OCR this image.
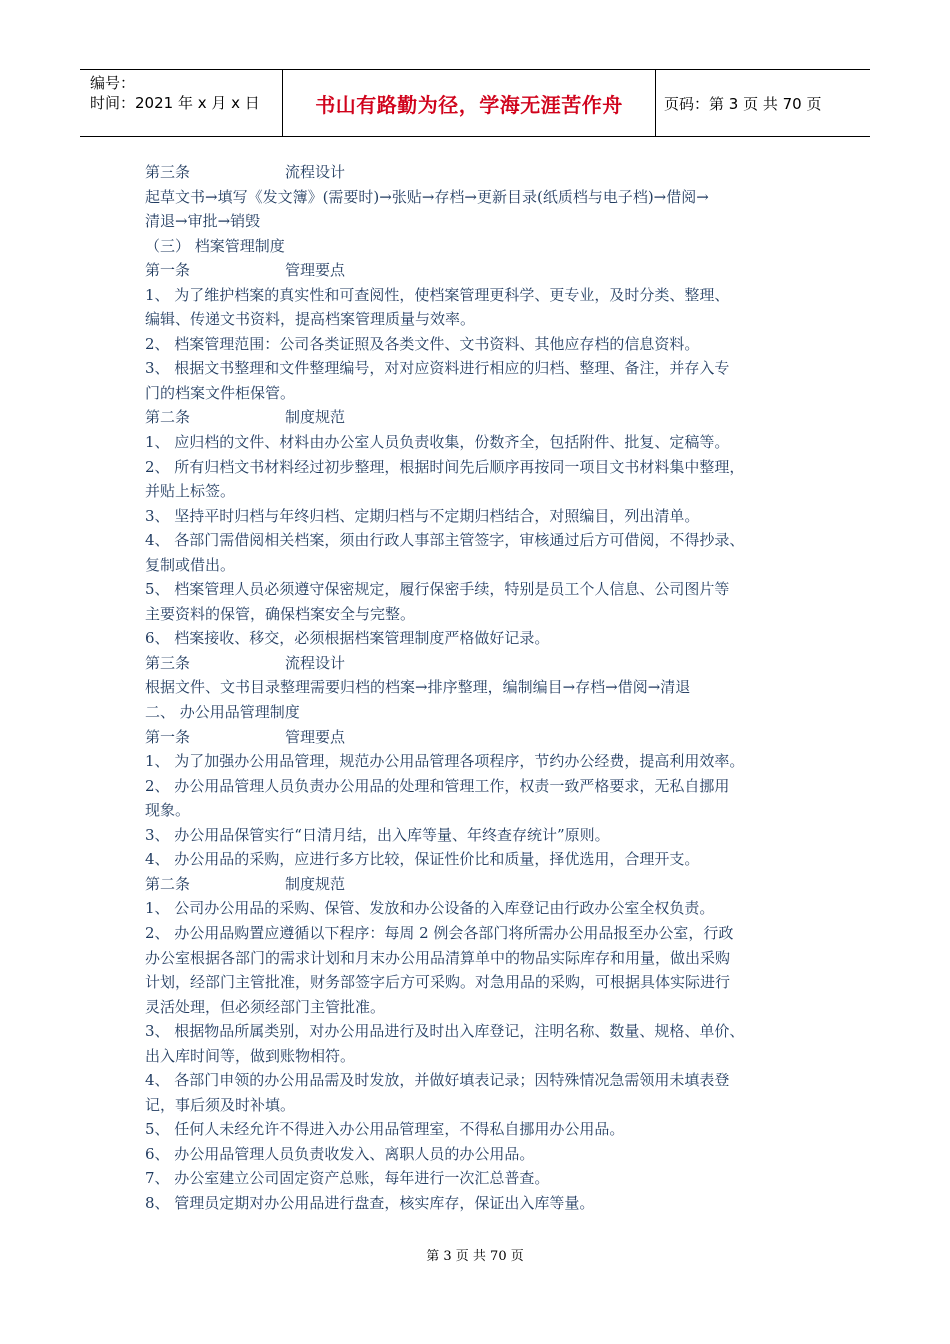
编号：
时间：2021 年 x 月 x 日	书山有路勤为径，学海无涯苦作舟	页码：第 3 页 共 70 页
第三条	流程设计
起草文书→填写《发文簿》(需要时)→张贴→存档→更新目录(纸质档与电子档)→借阅→
清退→审批→销毁
（三） 档案管理制度
第一条	管理要点
1、 为了维护档案的真实性和可查阅性，使档案管理更科学、更专业，及时分类、整理、
编辑、传递文书资料，提高档案管理质量与效率。
2、 档案管理范围：公司各类证照及各类文件、文书资料、其他应存档的信息资料。
3、 根据文书整理和文件整理编号，对对应资料进行相应的归档、整理、备注，并存入专
门的档案文件柜保管。
第二条	制度规范
1、 应归档的文件、材料由办公室人员负责收集，份数齐全，包括附件、批复、定稿等。
2、 所有归档文书材料经过初步整理，根据时间先后顺序再按同一项目文书材料集中整理，
并贴上标签。
3、 坚持平时归档与年终归档、定期归档与不定期归档结合，对照编目，列出清单。
4、 各部门需借阅相关档案，须由行政人事部主管签字，审核通过后方可借阅，不得抄录、
复制或借出。
5、 档案管理人员必须遵守保密规定，履行保密手续，特别是员工个人信息、公司图片等
主要资料的保管，确保档案安全与完整。
6、 档案接收、移交，必须根据档案管理制度严格做好记录。
第三条	流程设计
根据文件、文书目录整理需要归档的档案→排序整理，编制编目→存档→借阅→清退
二、 办公用品管理制度
第一条	管理要点
1、 为了加强办公用品管理，规范办公用品管理各项程序，节约办公经费，提高利用效率。
2、 办公用品管理人员负责办公用品的处理和管理工作，权责一致严格要求，无私自挪用
现象。
3、 办公用品保管实行“日清月结，出入库等量、年终查存统计”原则。
4、 办公用品的采购，应进行多方比较，保证性价比和质量，择优选用，合理开支。
第二条	制度规范
1、 公司办公用品的采购、保管、发放和办公设备的入库登记由行政办公室全权负责。
2、 办公用品购置应遵循以下程序：每周 2 例会各部门将所需办公用品报至办公室，行政
办公室根据各部门的需求计划和月末办公用品清算单中的物品实际库存和用量，做出采购
计划，经部门主管批准，财务部签字后方可采购。对急用品的采购，可根据具体实际进行
灵活处理，但必须经部门主管批准。
3、 根据物品所属类别，对办公用品进行及时出入库登记，注明名称、数量、规格、单价、
出入库时间等，做到账物相符。
4、 各部门申领的办公用品需及时发放，并做好填表记录；因特殊情况急需领用未填表登
记，事后须及时补填。
5、 任何人未经允许不得进入办公用品管理室，不得私自挪用办公用品。
6、 办公用品管理人员负责收发入、离职人员的办公用品。
7、 办公室建立公司固定资产总账，每年进行一次汇总普查。
8、 管理员定期对办公用品进行盘查，核实库存，保证出入库等量。
第 3 页 共 70 页
